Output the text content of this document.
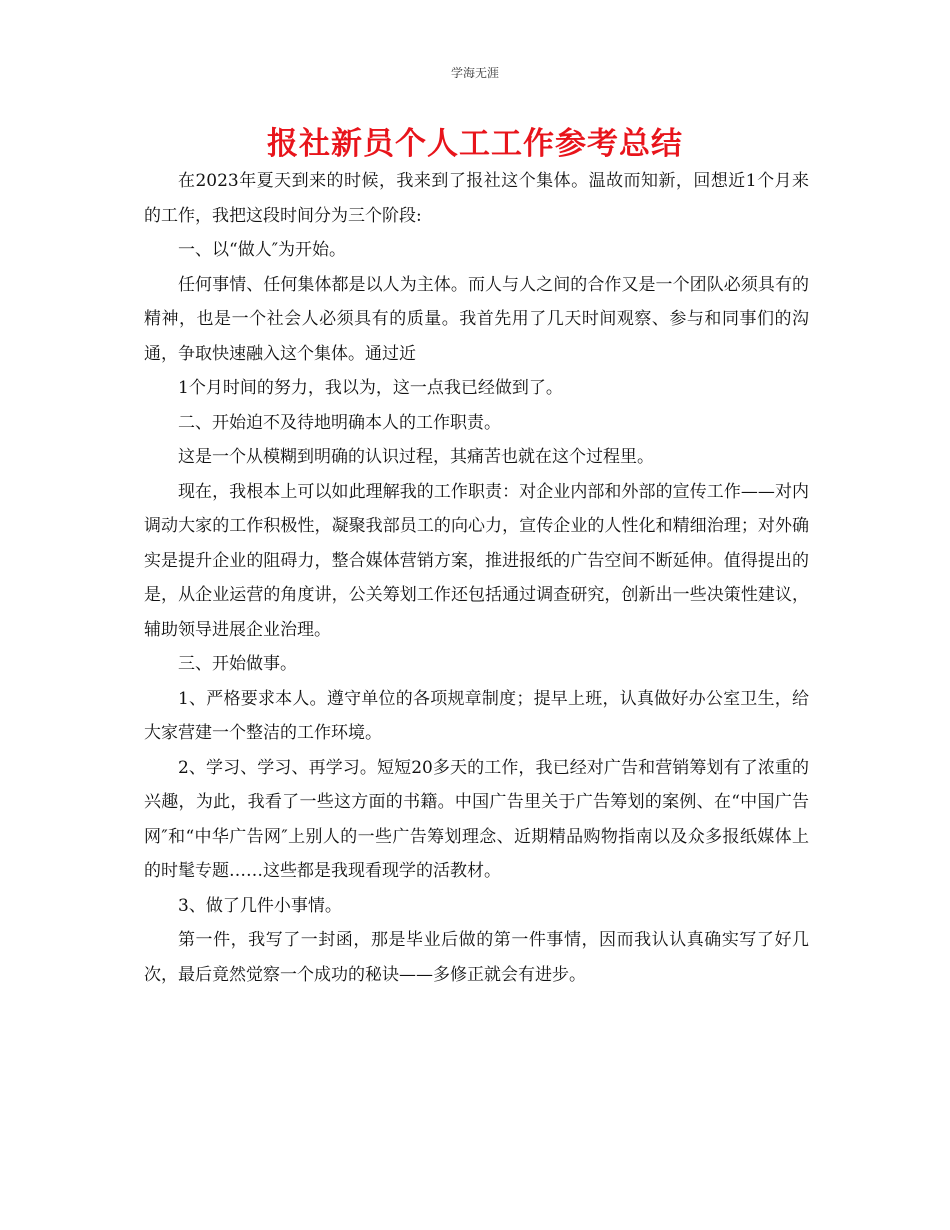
学海无涯
报社新员个人工工作参考总结

在2023年夏天到来的时候，我来到了报社这个集体。温故而知新，回想近1个月来的工作，我把这段时间分为三个阶段:

一、以“做人″为开始。

任何事情、任何集体都是以人为主体。而人与人之间的合作又是一个团队必须具有的精神，也是一个社会人必须具有的质量。我首先用了几天时间观察、参与和同事们的沟通，争取快速融入这个集体。通过近

1个月时间的努力，我以为，这一点我已经做到了。

二、开始迫不及待地明确本人的工作职责。

这是一个从模糊到明确的认识过程，其痛苦也就在这个过程里。

现在，我根本上可以如此理解我的工作职责：对企业内部和外部的宣传工作——对内调动大家的工作积极性，凝聚我部员工的向心力，宣传企业的人性化和精细治理；对外确实是提升企业的阻碍力，整合媒体营销方案，推进报纸的广告空间不断延伸。值得提出的是，从企业运营的角度讲，公关筹划工作还包括通过调查研究，创新出一些决策性建议，辅助领导进展企业治理。

三、开始做事。

1、严格要求本人。遵守单位的各项规章制度；提早上班，认真做好办公室卫生，给大家营建一个整洁的工作环境。

2、学习、学习、再学习。短短20多天的工作，我已经对广告和营销筹划有了浓重的兴趣，为此，我看了一些这方面的书籍。中国广告里关于广告筹划的案例、在“中国广告网″和“中华广告网″上别人的一些广告筹划理念、近期精品购物指南以及众多报纸媒体上的时髦专题……这些都是我现看现学的活教材。

3、做了几件小事情。

第一件，我写了一封函，那是毕业后做的第一件事情，因而我认认真确实写了好几次，最后竟然觉察一个成功的秘诀——多修正就会有进步。
